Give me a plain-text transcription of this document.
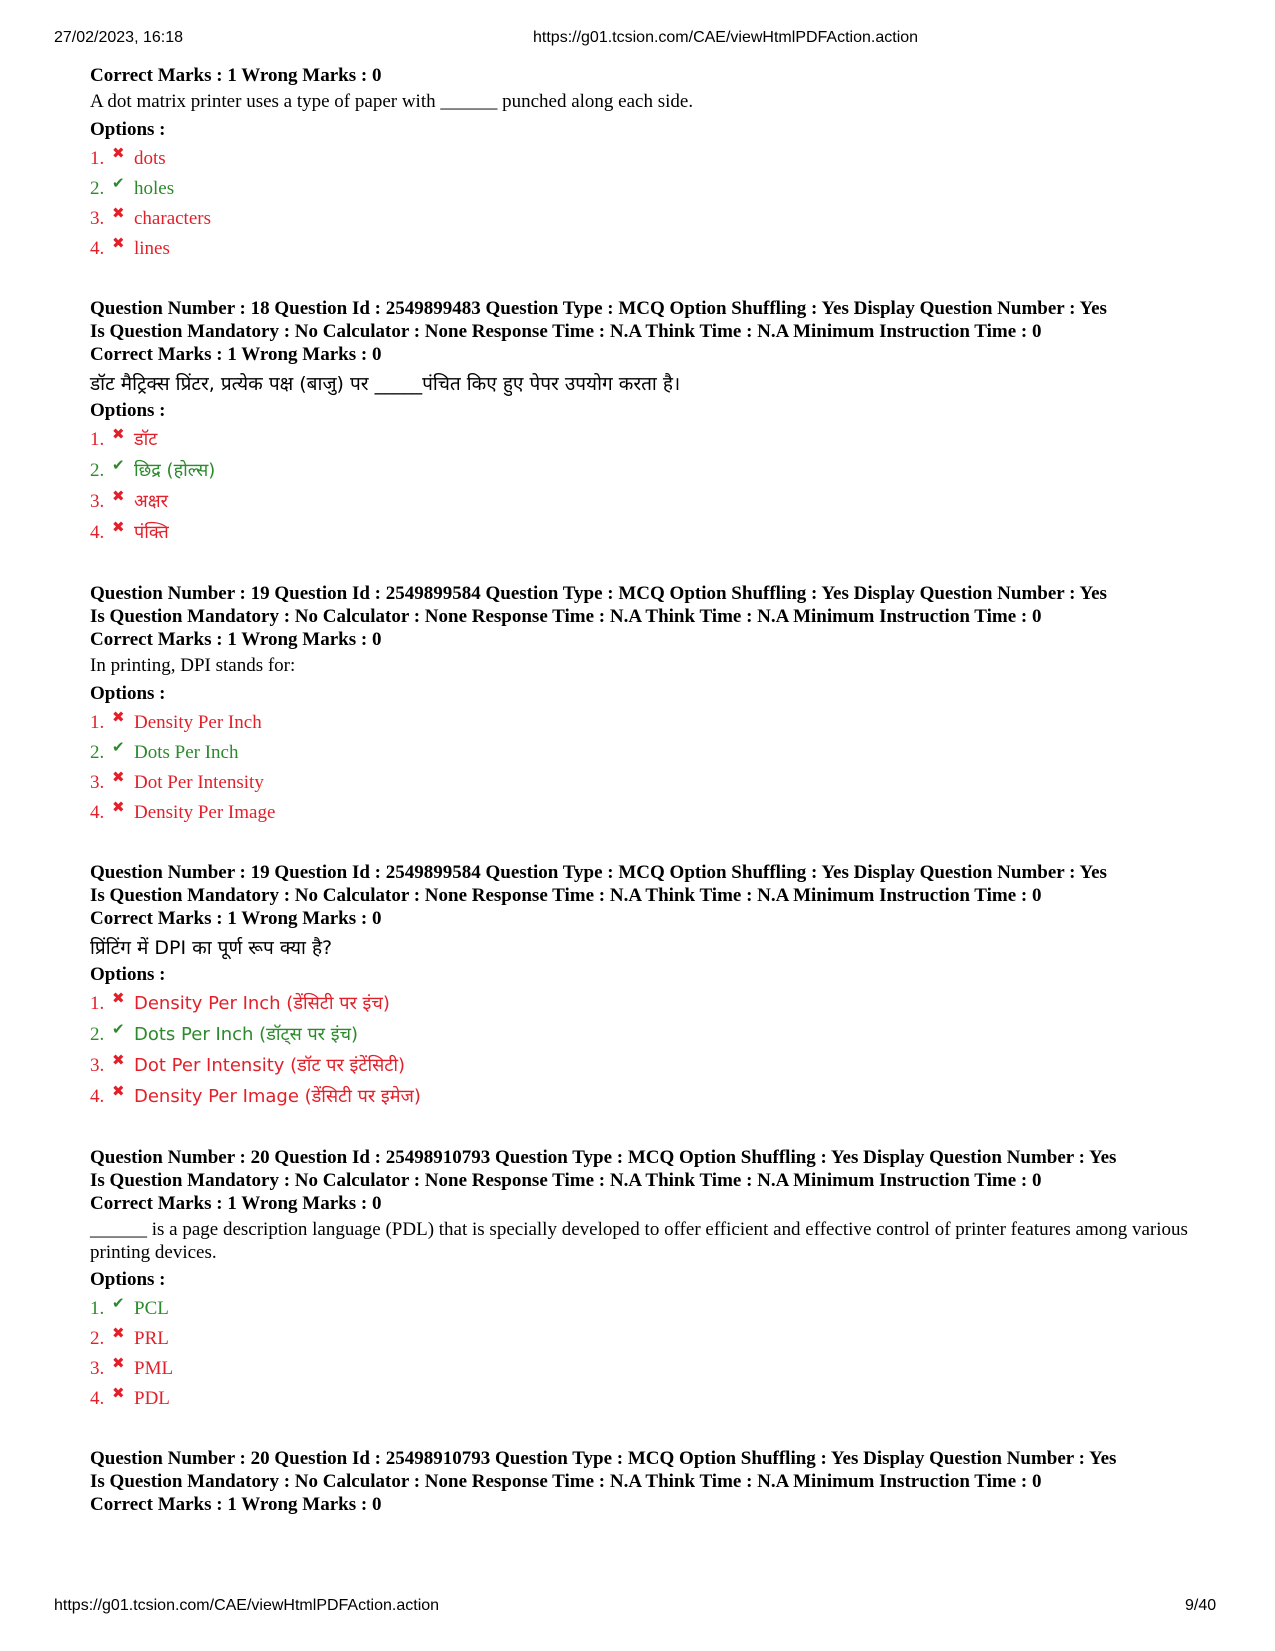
27/02/2023, 16:18	https://g01.tcsion.com/CAE/viewHtmlPDFAction.action
Correct Marks : 1 Wrong Marks : 0
A dot matrix printer uses a type of paper with ______ punched along each side.
Options :
1. ✖ dots
2. ✔ holes
3. ✖ characters
4. ✖ lines
Question Number : 18 Question Id : 2549899483 Question Type : MCQ Option Shuffling : Yes Display Question Number : Yes
Is Question Mandatory : No Calculator : None Response Time : N.A Think Time : N.A Minimum Instruction Time : 0
Correct Marks : 1 Wrong Marks : 0
डॉट मैट्रिक्स प्रिंटर, प्रत्येक पक्ष (बाजु) पर _____पंचित किए हुए पेपर उपयोग करता है।
Options :
1. ✖ डॉट
2. ✔ छिद्र (होल्स)
3. ✖ अक्षर
4. ✖ पंक्ति
Question Number : 19 Question Id : 2549899584 Question Type : MCQ Option Shuffling : Yes Display Question Number : Yes
Is Question Mandatory : No Calculator : None Response Time : N.A Think Time : N.A Minimum Instruction Time : 0
Correct Marks : 1 Wrong Marks : 0
In printing, DPI stands for:
Options :
1. ✖ Density Per Inch
2. ✔ Dots Per Inch
3. ✖ Dot Per Intensity
4. ✖ Density Per Image
Question Number : 19 Question Id : 2549899584 Question Type : MCQ Option Shuffling : Yes Display Question Number : Yes
Is Question Mandatory : No Calculator : None Response Time : N.A Think Time : N.A Minimum Instruction Time : 0
Correct Marks : 1 Wrong Marks : 0
प्रिंटिंग में DPI का पूर्ण रूप क्या है?
Options :
1. ✖ Density Per Inch (डेंसिटी पर इंच)
2. ✔ Dots Per Inch (डॉट्स पर इंच)
3. ✖ Dot Per Intensity (डॉट पर इंटेंसिटी)
4. ✖ Density Per Image (डेंसिटी पर इमेज)
Question Number : 20 Question Id : 25498910793 Question Type : MCQ Option Shuffling : Yes Display Question Number : Yes
Is Question Mandatory : No Calculator : None Response Time : N.A Think Time : N.A Minimum Instruction Time : 0
Correct Marks : 1 Wrong Marks : 0
______ is a page description language (PDL) that is specially developed to offer efficient and effective control of printer features among various printing devices.
Options :
1. ✔ PCL
2. ✖ PRL
3. ✖ PML
4. ✖ PDL
Question Number : 20 Question Id : 25498910793 Question Type : MCQ Option Shuffling : Yes Display Question Number : Yes
Is Question Mandatory : No Calculator : None Response Time : N.A Think Time : N.A Minimum Instruction Time : 0
Correct Marks : 1 Wrong Marks : 0
https://g01.tcsion.com/CAE/viewHtmlPDFAction.action	9/40
